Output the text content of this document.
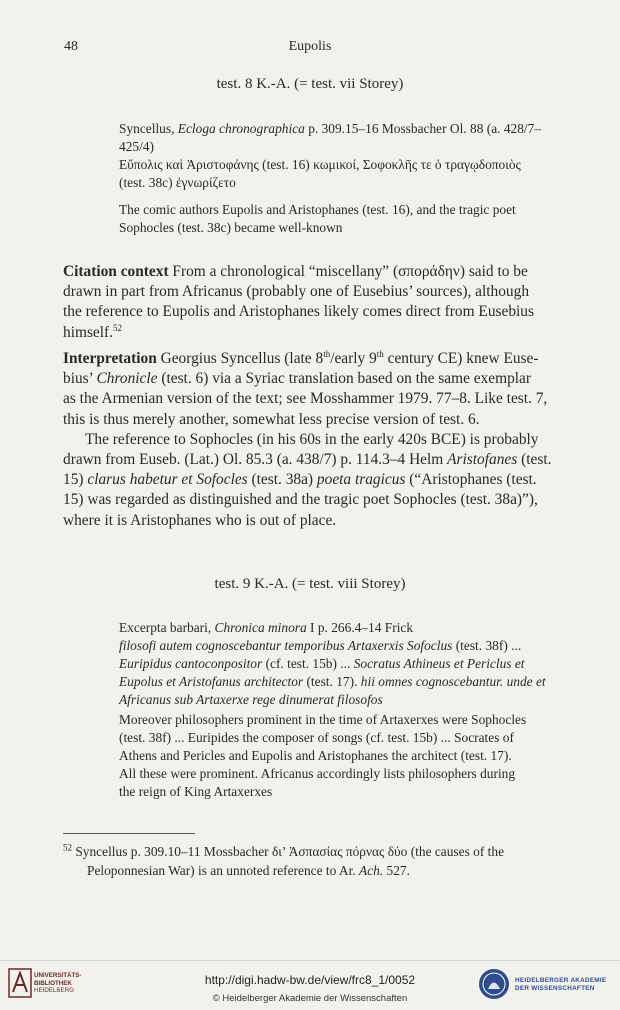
48	Eupolis
test. 8 K.-A. (= test. vii Storey)
Syncellus, Ecloga chronographica p. 309.15–16 Mossbacher Ol. 88 (a. 428/7–
425/4)
Εὔπολις καὶ Ἀριστοφάνης (test. 16) κωμικοί, Σοφοκλῆς τε ὁ τραγῳδοποιὸς
(test. 38c) ἐγνωρίζετο
The comic authors Eupolis and Aristophanes (test. 16), and the tragic poet
Sophocles (test. 38c) became well-known
Citation context From a chronological “miscellany” (σποράδην) said to be
drawn in part from Africanus (probably one of Eusebius’ sources), although
the reference to Eupolis and Aristophanes likely comes direct from Eusebius
himself.$^{52}$
Interpretation Georgius Syncellus (late 8th/early 9th century CE) knew Euse-
bius’ Chronicle (test. 6) via a Syriac translation based on the same exemplar
as the Armenian version of the text; see Mosshammer 1979. 77–8. Like test. 7,
this is thus merely another, somewhat less precise version of test. 6.
The reference to Sophocles (in his 60s in the early 420s BCE) is probably
drawn from Euseb. (Lat.) Ol. 85.3 (a. 438/7) p. 114.3–4 Helm Aristofanes (test.
15) clarus habetur et Sofocles (test. 38a) poeta tragicus (“Aristophanes (test.
15) was regarded as distinguished and the tragic poet Sophocles (test. 38a)”),
where it is Aristophanes who is out of place.
test. 9 K.-A. (= test. viii Storey)
Excerpta barbari, Chronica minora I p. 266.4–14 Frick
filosofi autem cognoscebantur temporibus Artaxerxis Sofoclus (test. 38f) ...
Euripidus cantoconpositor (cf. test. 15b) ... Socratus Athineus et Periclus et
Eupolus et Aristofanus architector (test. 17). hii omnes cognoscebantur. unde et
Africanus sub Artaxerxe rege dinumerat filosofos
Moreover philosophers prominent in the time of Artaxerxes were Sophocles
(test. 38f) ... Euripides the composer of songs (cf. test. 15b) ... Socrates of
Athens and Pericles and Eupolis and Aristophanes the architect (test. 17).
All these were prominent. Africanus accordingly lists philosophers during
the reign of King Artaxerxes
$^{52}$ Syncellus p. 309.10–11 Mossbacher δι’ Ἀσπασίας πόρνας δύο (the causes of the
Peloponnesian War) is an unnoted reference to Ar. Ach. 527.
UNIVERSITÄTS-
BIBLIOTHEK
HEIDELBERG
http://digi.hadw-bw.de/view/frc8_1/0052
© Heidelberger Akademie der Wissenschaften
HEIDELBERGER AKADEMIE
DER WISSENSCHAFTEN
